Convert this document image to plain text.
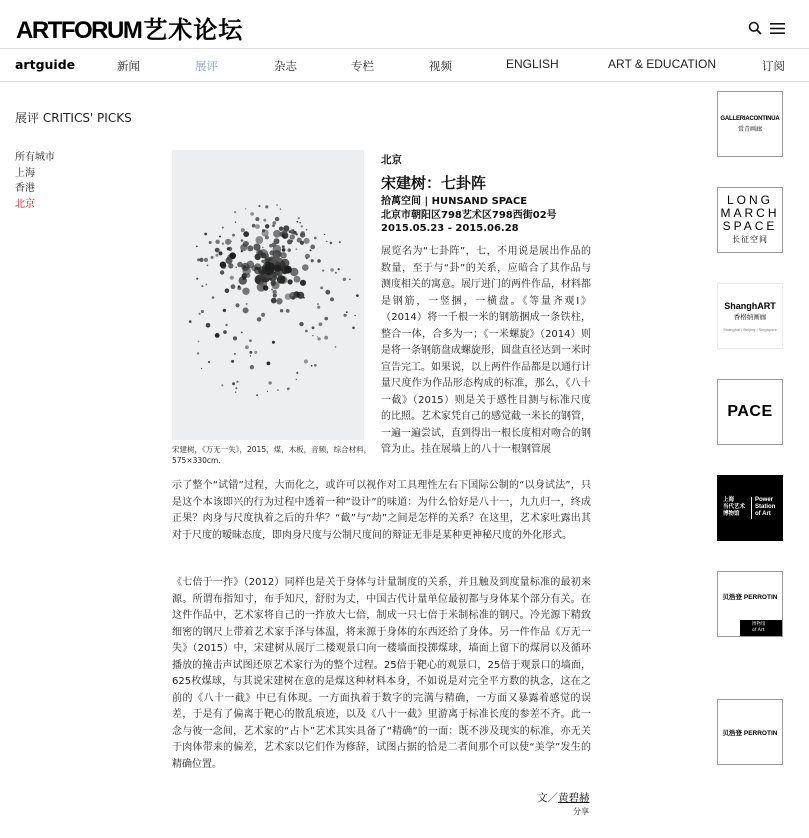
ARTFORUM艺术论坛
artguide	新闻	展评	杂志	专栏	视频	ENGLISH	ART & EDUCATION	订阅
展评 CRITICS' PICKS
所有城市
上海
香港
北京
宋建树，《万无一失》，2015，煤，木板，音频，综合材料，575×330cm.
北京
宋建树：七卦阵
拾萬空间 | HUNSAND SPACE
北京市朝阳区798艺术区798西街02号
2015.05.23 - 2015.06.28
展览名为“七卦阵”，七，不用说是展出作品的数量，至于与“卦”的关系，应暗合了其作品与测度相关的寓意。展厅进门的两件作品，材料都是钢筋，一竖捆，一横盘。《等量齐观I》（2014）将一千根一米的钢筋捆成一条铁柱，整合一体，合多为一；《一米螺旋》（2014）则是将一条钢筋盘成螺旋形，圆盘直径达到一米时宣告完工。如果说，以上两件作品都是以通行计量尺度作为作品形态构成的标准，那么，《八十一截》（2015）则是关于感性目测与标准尺度的比照。艺术家凭自己的感觉截一米长的钢管，一遍一遍尝试，直到得出一根长度相对吻合的钢管为止。挂在展墙上的八十一根钢管展
示了整个“试错”过程，大而化之，或许可以视作对工具理性左右下国际公制的“以身试法”，只是这个本该即兴的行为过程中透着一种“设计”的味道：为什么恰好是八十一，九九归一，终成正果？肉身与尺度执着之后的升华？“截”与“劫”之间是怎样的关系？在这里，艺术家吐露出其对于尺度的暧昧态度，即肉身尺度与公制尺度间的辩证无非是某种更神秘尺度的外化形式。
《七倍于一拃》（2012）同样也是关于身体与计量制度的关系，并且触及到度量标准的最初来源。所谓布指知寸，布手知尺，舒肘为丈，中国古代计量单位最初都与身体某个部分有关。在这件作品中，艺术家将自己的一拃放大七倍，制成一只七倍于米制标准的钢尺。冷光源下精致细密的钢尺上带着艺术家手泽与体温，将来源于身体的东西还给了身体。另一件作品《万无一失》（2015）中，宋建树从展厅二楼观景口向一楼墙面投掷煤球，墙面上留下的煤屑以及循环播放的撞击声试图还原艺术家行为的整个过程。25倍于靶心的观景口，25倍于观景口的墙面，625枚煤球，与其说宋建树在意的是煤这种材料本身，不如说是对完全平方数的执念，这在之前的《八十一截》中已有体现。一方面执着于数字的完满与精确，一方面又暴露着感觉的误差，于是有了偏离于靶心的散乱痕迹，以及《八十一截》里游离于标准长度的参差不齐。此一念与彼一念间，艺术家的“占卜”艺术其实具备了“精确”的一面：既不涉及现实的标准，亦无关于肉体带来的偏差，艺术家以它们作为修辞，试图占据的恰是二者间那个可以使“美学”发生的精确位置。
文／黄碧赫
分享
GALLERIACONTINUA
常青画廊
LONG
MARCH
SPACE
长征空间
ShanghART
香格纳画廊
Shanghai | Beijing | Singapore
PACE
上海
当代艺术
博物馆
Power
Station
of Art
贝浩登 PERROTIN
博物馆
of Art
贝浩登 PERROTIN
